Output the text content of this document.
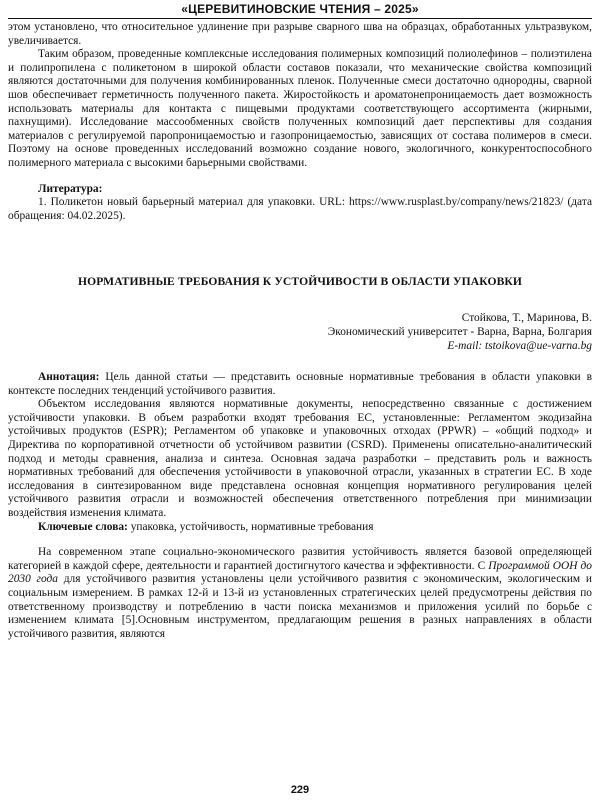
«ЦЕРЕВИТИНОВСКИЕ ЧТЕНИЯ – 2025»

этом установлено, что относительное удлинение при разрыве сварного шва на образцах, обработанных ультразвуком, увеличивается.

Таким образом, проведенные комплексные исследования полимерных композиций полиолефинов – полиэтилена и полипропилена с поликетоном в широкой области составов показали, что механические свойства композиций являются достаточными для получения комбинированных пленок. Полученные смеси достаточно однородны, сварной шов обеспечивает герметичность полученного пакета. Жиростойкость и ароматонепроницаемость дает возможность использовать материалы для контакта с пищевыми продуктами соответствующего ассортимента (жирными, пахнущими). Исследование массообменных свойств полученных композиций дает перспективы для создания материалов с регулируемой паропроницаемостью и газопроницаемостью, зависящих от состава полимеров в смеси. Поэтому на основе проведенных исследований возможно создание нового, экологичного, конкурентоспособного полимерного материала с высокими барьерными свойствами.

Литература:

1. Поликетон новый барьерный материал для упаковки. URL: https://www.rusplast.by/company/news/21823/ (дата обращения: 04.02.2025).

НОРМАТИВНЫЕ ТРЕБОВАНИЯ К УСТОЙЧИВОСТИ В ОБЛАСТИ УПАКОВКИ
Стойкова, Т., Маринова, В.
Экономический университет - Варна, Варна, Болгария
E-mail: tstoikova@ue-varna.bg

Аннотация: Цель данной статьи — представить основные нормативные требования в области упаковки в контексте последних тенденций устойчивого развития.

Объектом исследования являются нормативные документы, непосредственно связанные с достижением устойчивости упаковки. В объем разработки входят требования ЕС, установленные: Регламентом экодизайна устойчивых продуктов (ESPR); Регламентом об упаковке и упаковочных отходах (PPWR) – «общий подход» и Директива по корпоративной отчетности об устойчивом развитии (CSRD). Применены описательно-аналитический подход и методы сравнения, анализа и синтеза. Основная задача разработки – представить роль и важность нормативных требований для обеспечения устойчивости в упаковочной отрасли, указанных в стратегии ЕС. В ходе исследования в синтезированном виде представлена основная концепция нормативного регулирования целей устойчивого развития отрасли и возможностей обеспечения ответственного потребления при минимизации воздействия изменения климата.

Ключевые слова: упаковка, устойчивость, нормативные требования

На современном этапе социально-экономического развития устойчивость является базовой определяющей категорией в каждой сфере, деятельности и гарантией достигнутого качества и эффективности. С Программой ООН до 2030 года для устойчивого развития установлены цели устойчивого развития с экономическим, экологическим и социальным измерением. В рамках 12-й и 13-й из установленных стратегических целей предусмотрены действия по ответственному производству и потреблению в части поиска механизмов и приложения усилий по борьбе с изменением климата [5].Основным инструментом, предлагающим решения в разных направлениях в области устойчивого развития, являются

229
